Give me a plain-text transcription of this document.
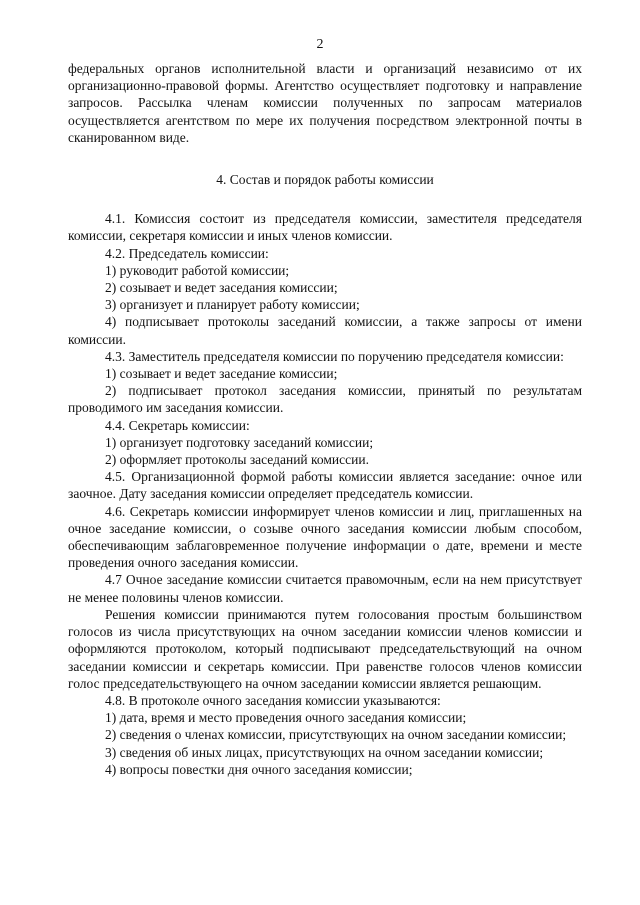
2

федеральных органов исполнительной власти и организаций независимо от их организационно-правовой формы. Агентство осуществляет подготовку и направление запросов. Рассылка членам комиссии полученных по запросам материалов осуществляется агентством по мере их получения посредством электронной почты в сканированном виде.

4. Состав и порядок работы комиссии

4.1. Комиссия состоит из председателя комиссии, заместителя председателя комиссии, секретаря комиссии и иных членов комиссии.

4.2. Председатель комиссии:

1) руководит работой комиссии;

2) созывает и ведет заседания комиссии;

3) организует и планирует работу комиссии;

4) подписывает протоколы заседаний комиссии, а также запросы от имени комиссии.

4.3. Заместитель председателя комиссии по поручению председателя комиссии:

1) созывает и ведет заседание комиссии;

2) подписывает протокол заседания комиссии, принятый по результатам проводимого им заседания комиссии.

4.4. Секретарь комиссии:

1) организует подготовку заседаний комиссии;

2) оформляет протоколы заседаний комиссии.

4.5. Организационной формой работы комиссии является заседание: очное или заочное. Дату заседания комиссии определяет председатель комиссии.

4.6. Секретарь комиссии информирует членов комиссии и лиц, приглашенных на очное заседание комиссии, о созыве очного заседания комиссии любым способом, обеспечивающим заблаговременное получение информации о дате, времени и месте проведения очного заседания комиссии.

4.7 Очное заседание комиссии считается правомочным, если на нем присутствует не менее половины членов комиссии.

Решения комиссии принимаются путем голосования простым большинством голосов из числа присутствующих на очном заседании комиссии членов комиссии и оформляются протоколом, который подписывают председательствующий на очном заседании комиссии и секретарь комиссии. При равенстве голосов членов комиссии голос председательствующего на очном заседании комиссии является решающим.

4.8. В протоколе очного заседания комиссии указываются:

1) дата, время и место проведения очного заседания комиссии;

2) сведения о членах комиссии, присутствующих на очном заседании комиссии;

3) сведения об иных лицах, присутствующих на очном заседании комиссии;

4) вопросы повестки дня очного заседания комиссии;
